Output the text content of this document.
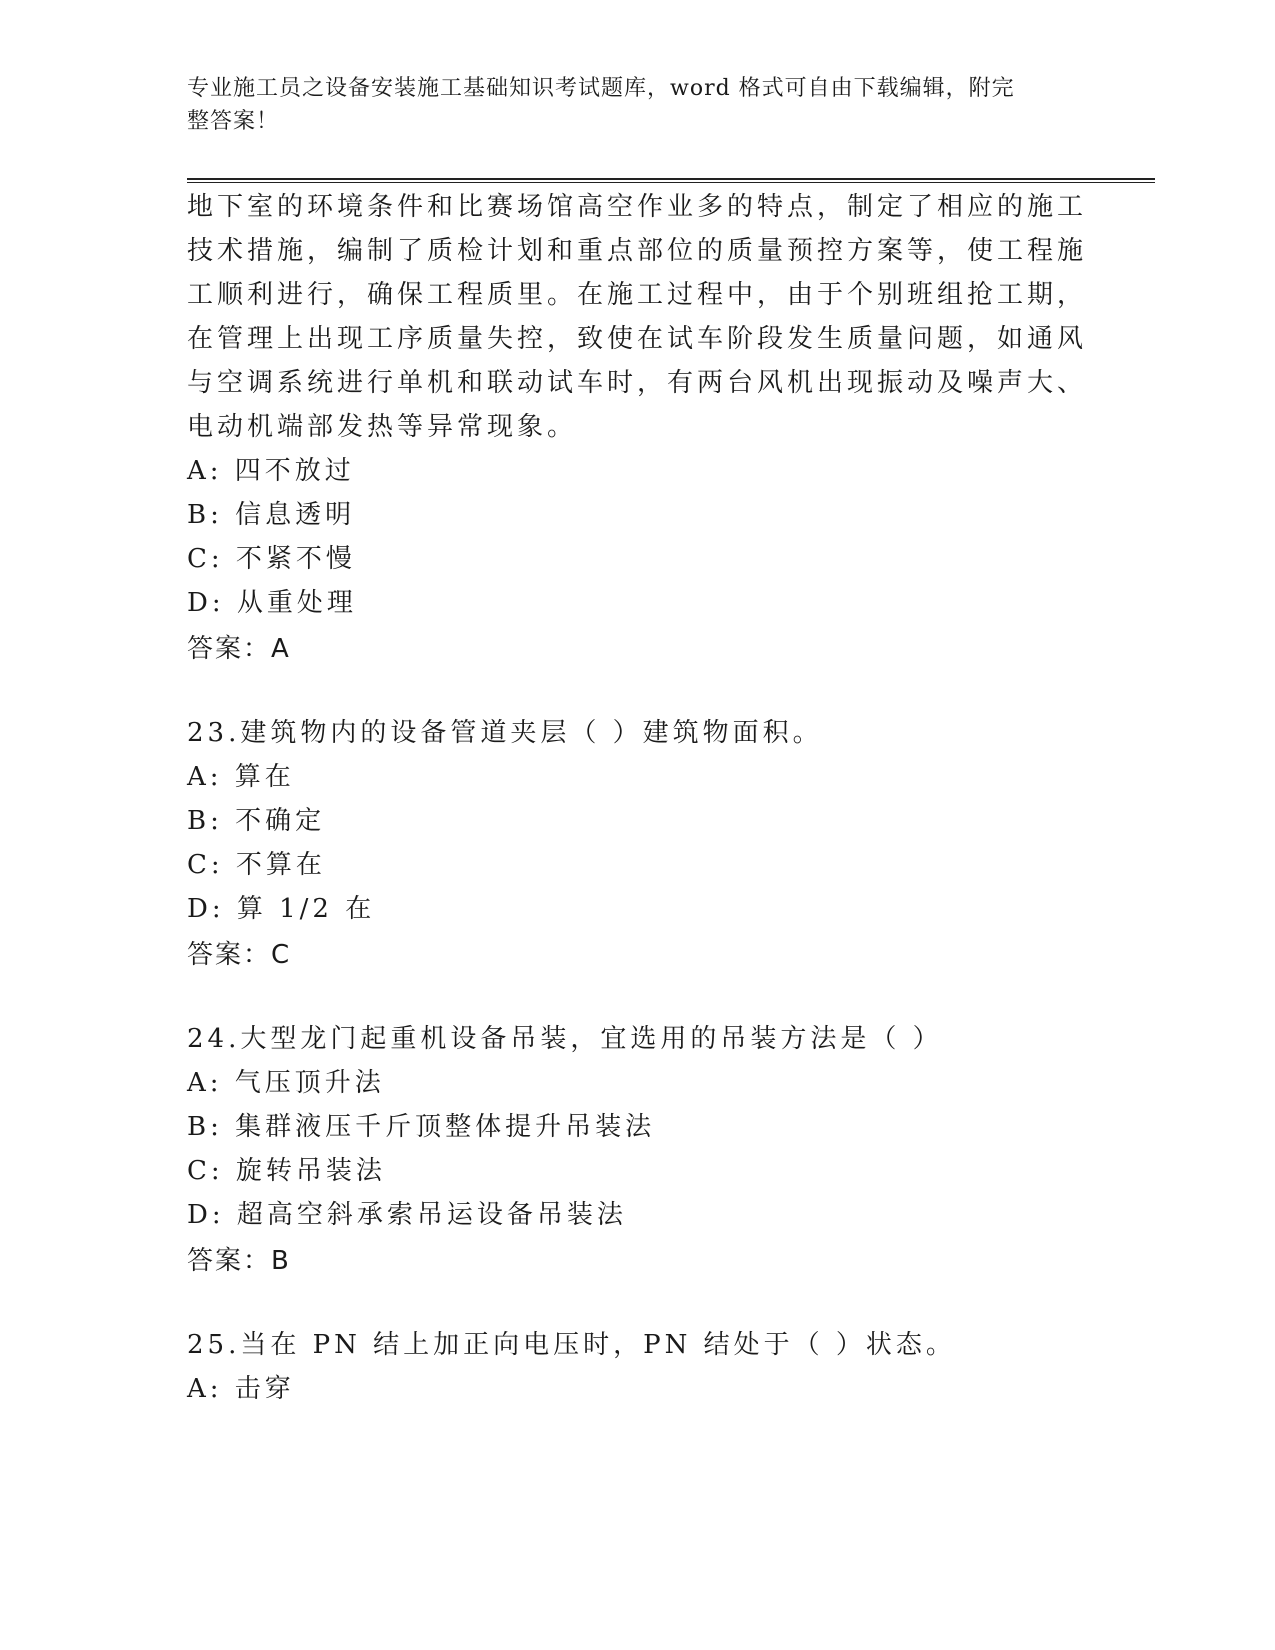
专业施工员之设备安装施工基础知识考试题库，word 格式可自由下载编辑，附完
整答案！
地下室的环境条件和比赛场馆高空作业多的特点，制定了相应的施工
技术措施，编制了质检计划和重点部位的质量预控方案等，使工程施
工顺利进行，确保工程质里。在施工过程中，由于个别班组抢工期，
在管理上出现工序质量失控，致使在试车阶段发生质量问题，如通风
与空调系统进行单机和联动试车时，有两台风机出现振动及噪声大、
电动机端部发热等异常现象。
A: 四不放过
B: 信息透明
C: 不紧不慢
D: 从重处理
答案：A
23.建筑物内的设备管道夹层（ ）建筑物面积。
A: 算在
B: 不确定
C: 不算在
D: 算 1/2 在
答案：C
24.大型龙门起重机设备吊装，宜选用的吊装方法是（ ）
A: 气压顶升法
B: 集群液压千斤顶整体提升吊装法
C: 旋转吊装法
D: 超高空斜承索吊运设备吊装法
答案：B
25.当在 PN 结上加正向电压时，PN 结处于（ ）状态。
A: 击穿
